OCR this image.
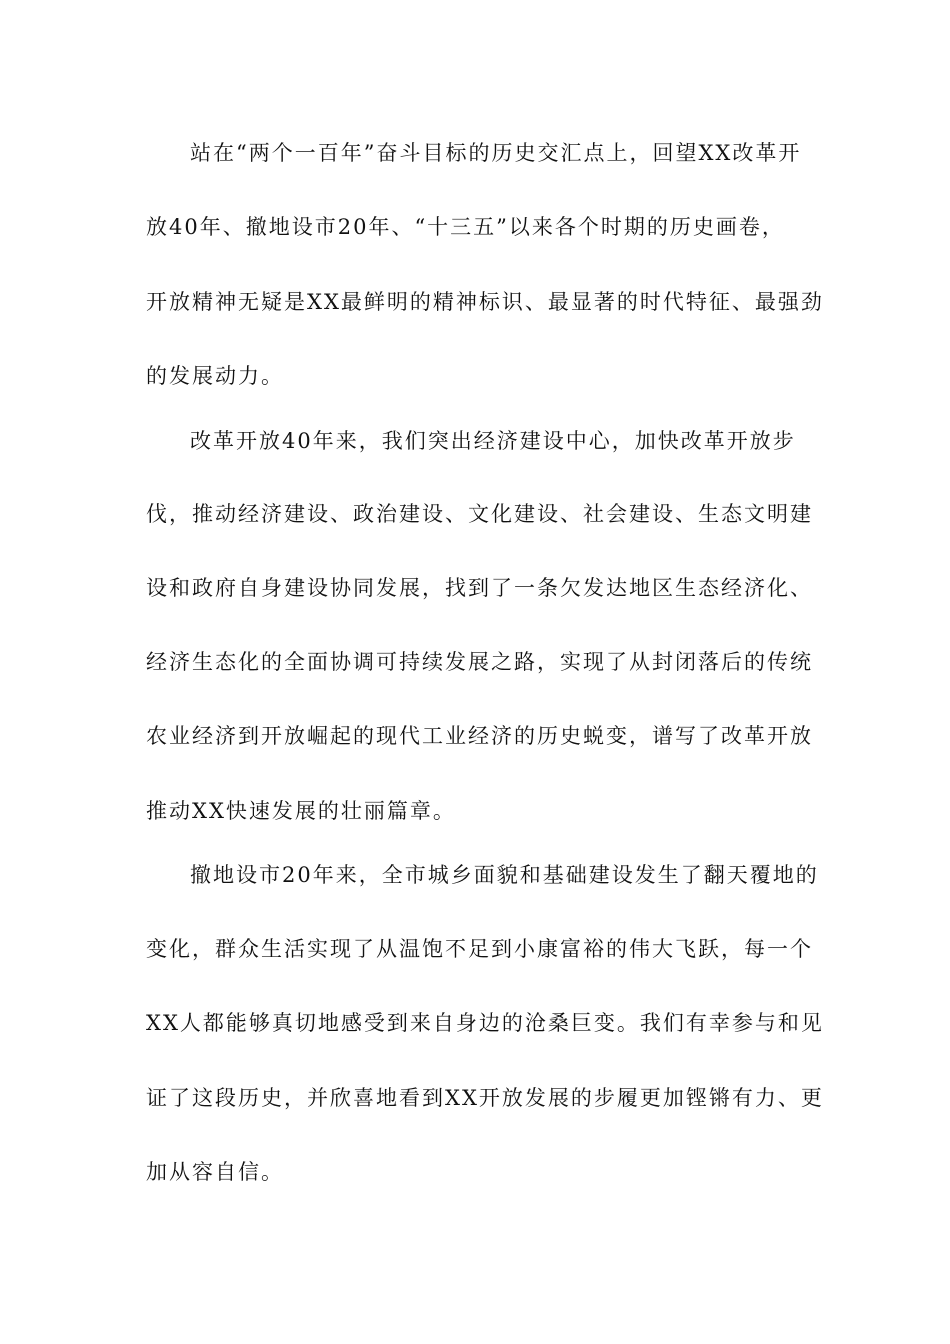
站在“两个一百年”奋斗目标的历史交汇点上，回望XX改革开
放40年、撤地设市20年、“十三五”以来各个时期的历史画卷，
开放精神无疑是XX最鲜明的精神标识、最显著的时代特征、最强劲
的发展动力。
改革开放40年来，我们突出经济建设中心，加快改革开放步
伐，推动经济建设、政治建设、文化建设、社会建设、生态文明建
设和政府自身建设协同发展，找到了一条欠发达地区生态经济化、
经济生态化的全面协调可持续发展之路，实现了从封闭落后的传统
农业经济到开放崛起的现代工业经济的历史蜕变，谱写了改革开放
推动XX快速发展的壮丽篇章。
撤地设市20年来，全市城乡面貌和基础建设发生了翻天覆地的
变化，群众生活实现了从温饱不足到小康富裕的伟大飞跃，每一个
XX人都能够真切地感受到来自身边的沧桑巨变。我们有幸参与和见
证了这段历史，并欣喜地看到XX开放发展的步履更加铿锵有力、更
加从容自信。
